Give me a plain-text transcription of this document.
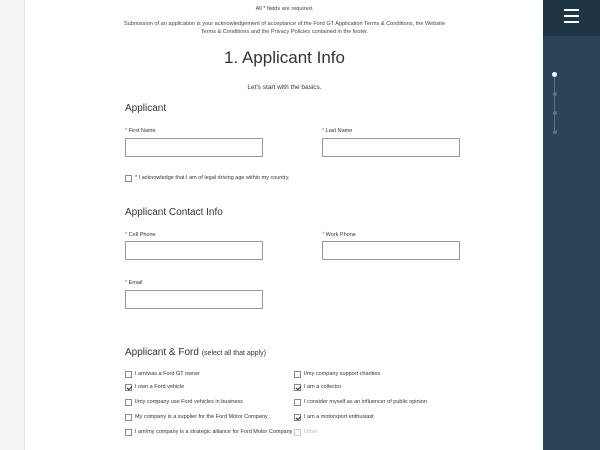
All * fields are required.
Submission of an application is your acknowledgement of acceptance of the Ford GT Application Terms & Conditions, the Website
Terms & Conditions and the Privacy Policies contained in the footer.
1. Applicant Info
Let's start with the basics.
Applicant
* First Name	* Last Name
* I acknowledge that I am of legal driving age within my country.
Applicant Contact Info
* Cell Phone	* Work Phone
* Email
Applicant & Ford (select all that apply)
I am/was a Ford GT owner
I own a Ford vehicle
I/my company use Ford vehicles in business
My company is a supplier for the Ford Motor Company
I am/my company is a strategic alliance for Ford Motor Company
I/my company support charities
I am a collector
I consider myself as an influencer of public opinion
I am a motorsport enthusiast
Other
